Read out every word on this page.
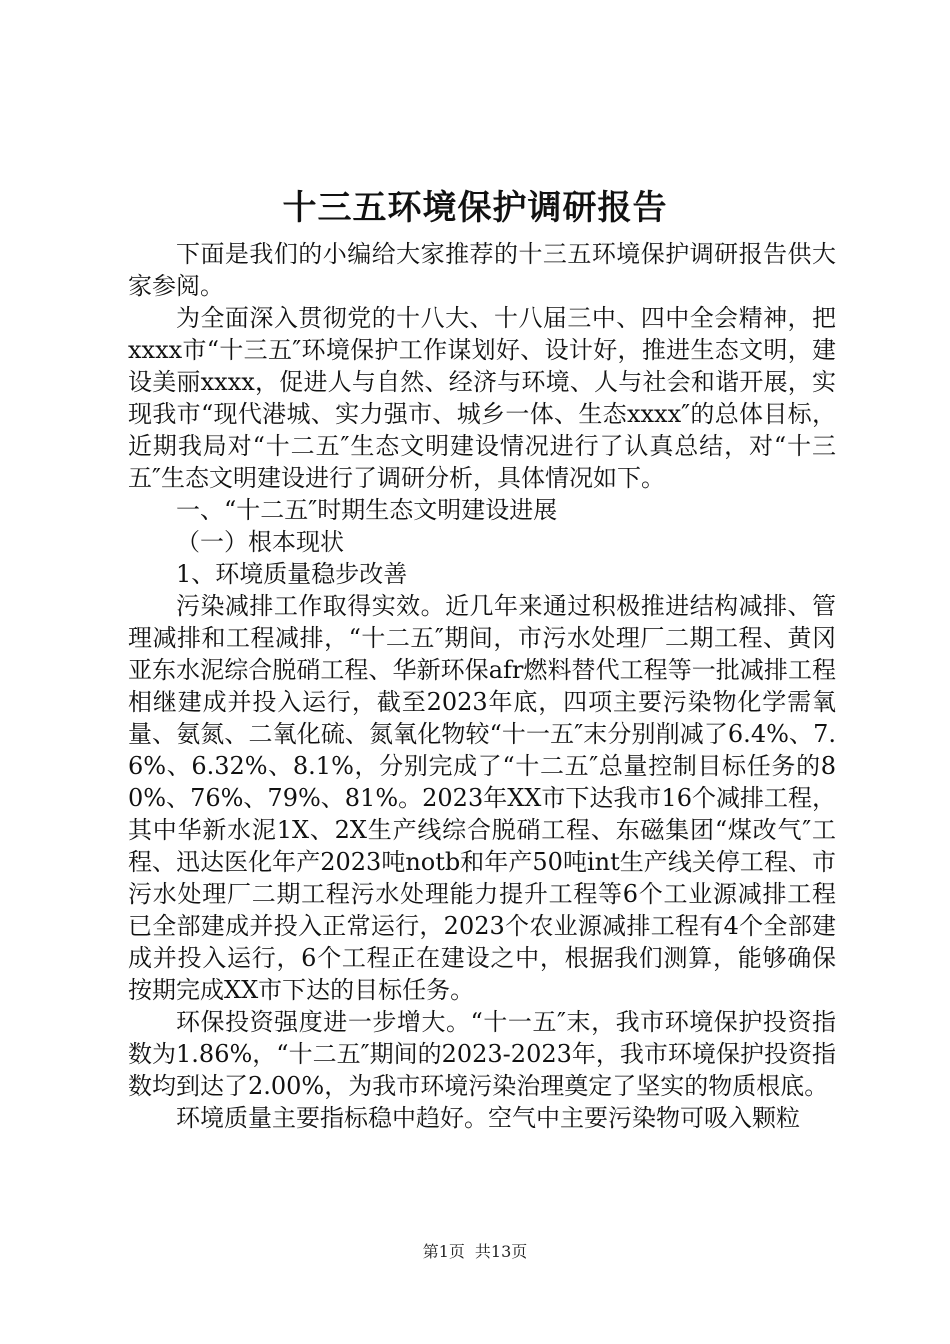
十三五环境保护调研报告

下面是我们的小编给大家推荐的十三五环境保护调研报告供大家参阅。

为全面深入贯彻党的十八大、十八届三中、四中全会精神，把xxxx市“十三五″环境保护工作谋划好、设计好，推进生态文明，建设美丽xxxx，促进人与自然、经济与环境、人与社会和谐开展，实现我市“现代港城、实力强市、城乡一体、生态xxxx″的总体目标，近期我局对“十二五″生态文明建设情况进行了认真总结，对“十三五″生态文明建设进行了调研分析，具体情况如下。

一、“十二五″时期生态文明建设进展

（一）根本现状

1、环境质量稳步改善

污染减排工作取得实效。近几年来通过积极推进结构减排、管理减排和工程减排，“十二五″期间，市污水处理厂二期工程、黄冈亚东水泥综合脱硝工程、华新环保afr燃料替代工程等一批减排工程相继建成并投入运行，截至2023年底，四项主要污染物化学需氧量、氨氮、二氧化硫、氮氧化物较“十一五″末分别削减了6.4%、7.6%、6.32%、8.1%，分别完成了“十二五″总量控制目标任务的80%、76%、79%、81%。2023年XX市下达我市16个减排工程，其中华新水泥1X、2X生产线综合脱硝工程、东磁集团“煤改气″工程、迅达医化年产2023吨notb和年产50吨int生产线关停工程、市污水处理厂二期工程污水处理能力提升工程等6个工业源减排工程已全部建成并投入正常运行，2023个农业源减排工程有4个全部建成并投入运行，6个工程正在建设之中，根据我们测算，能够确保按期完成XX市下达的目标任务。

环保投资强度进一步增大。“十一五″末，我市环境保护投资指数为1.86%，“十二五″期间的2023-2023年，我市环境保护投资指数均到达了2.00%，为我市环境污染治理奠定了坚实的物质根底。

环境质量主要指标稳中趋好。空气中主要污染物可吸入颗粒

第1页 共13页
